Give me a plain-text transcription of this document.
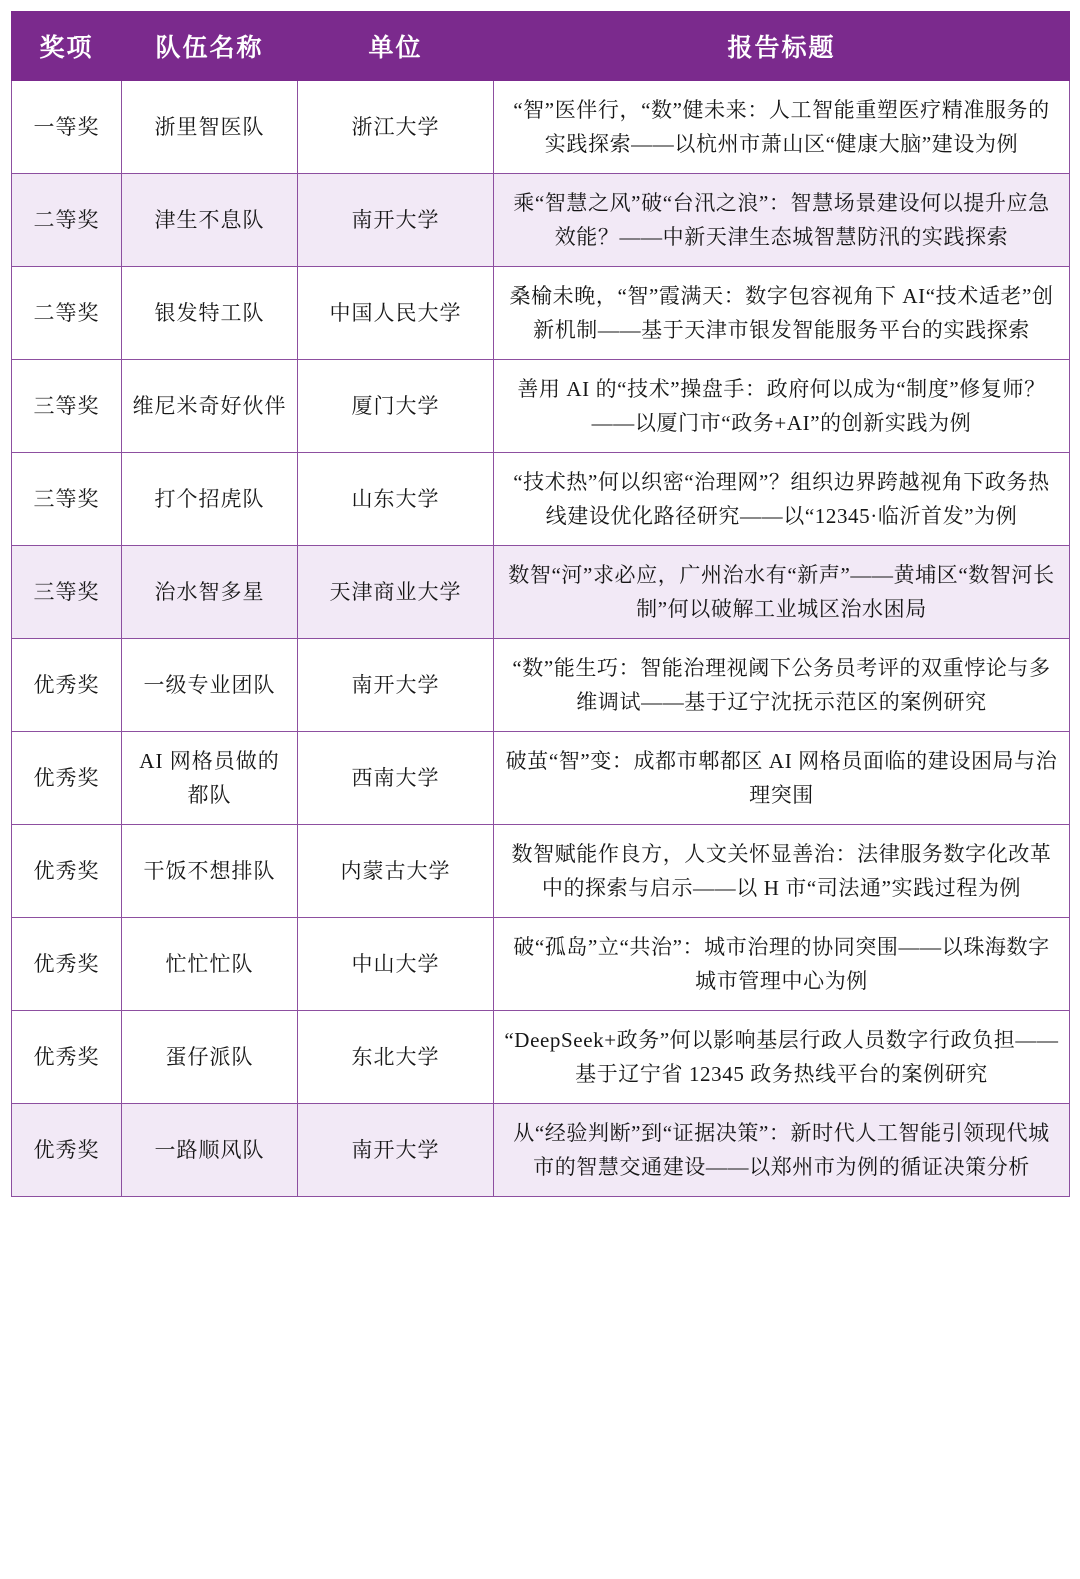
奖项	队伍名称	单位	报告标题
一等奖	浙里智医队	浙江大学	“智”医伴行，“数”健未来：人工智能重塑医疗精准服务的实践探索——以杭州市萧山区“健康大脑”建设为例
二等奖	津生不息队	南开大学	乘“智慧之风”破“台汛之浪”：智慧场景建设何以提升应急效能？——中新天津生态城智慧防汛的实践探索
二等奖	银发特工队	中国人民大学	桑榆未晚，“智”霞满天：数字包容视角下 AI“技术适老”创新机制——基于天津市银发智能服务平台的实践探索
三等奖	维尼米奇好伙伴	厦门大学	善用 AI 的“技术”操盘手：政府何以成为“制度”修复师？——以厦门市“政务+AI”的创新实践为例
三等奖	打个招虎队	山东大学	“技术热”何以织密“治理网”？组织边界跨越视角下政务热线建设优化路径研究——以“12345·临沂首发”为例
三等奖	治水智多星	天津商业大学	数智“河”求必应，广州治水有“新声”——黄埔区“数智河长制”何以破解工业城区治水困局
优秀奖	一级专业团队	南开大学	“数”能生巧：智能治理视阈下公务员考评的双重悖论与多维调试——基于辽宁沈抚示范区的案例研究
优秀奖	AI 网格员做的都队	西南大学	破茧“智”变：成都市郫都区 AI 网格员面临的建设困局与治理突围
优秀奖	干饭不想排队	内蒙古大学	数智赋能作良方，人文关怀显善治：法律服务数字化改革中的探索与启示——以 H 市“司法通”实践过程为例
优秀奖	忙忙忙队	中山大学	破“孤岛”立“共治”：城市治理的协同突围——以珠海数字城市管理中心为例
优秀奖	蛋仔派队	东北大学	“DeepSeek+政务”何以影响基层行政人员数字行政负担——基于辽宁省 12345 政务热线平台的案例研究
优秀奖	一路顺风队	南开大学	从“经验判断”到“证据决策”：新时代人工智能引领现代城市的智慧交通建设——以郑州市为例的循证决策分析
